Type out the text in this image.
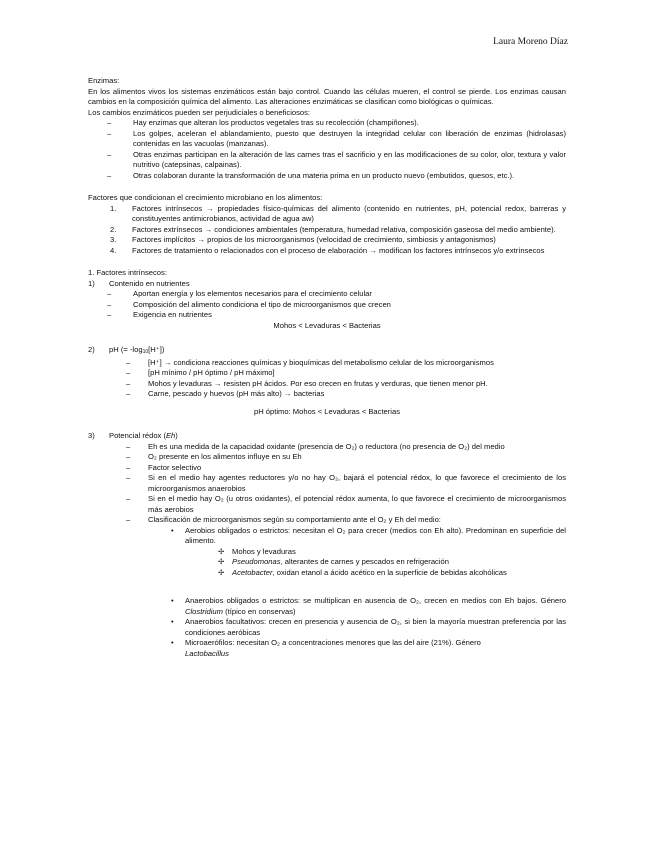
Laura Moreno Díaz

Enzimas:

En los alimentos vivos los sistemas enzimáticos están bajo control. Cuando las células mueren, el control se pierde. Los enzimas causan cambios en la composición química del alimento. Las alteraciones enzimáticas se clasifican como biológicas o químicas.

Los cambios enzimáticos pueden ser perjudiciales o beneficiosos:

–	Hay enzimas que alteran los productos vegetales tras su recolección (champiñones).
–	Los golpes, aceleran el ablandamiento, puesto que destruyen la integridad celular con liberación de enzimas (hidrolasas) contenidas en las vacuolas (manzanas).
–	Otras enzimas participan en la alteración de las carnes tras el sacrificio y en las modificaciones de su color, olor, textura y valor nutritivo (catepsinas, calpainas).
–	Otras colaboran durante la transformación de una materia prima en un producto nuevo (embutidos, quesos, etc.).

Factores que condicionan el crecimiento microbiano en los alimentos:

1.	Factores intrínsecos → propiedades físico-químicas del alimento (contenido en nutrientes, pH, potencial redox, barreras y constituyentes antimicrobianos, actividad de agua aw)
2.	Factores extrínsecos → condiciones ambientales (temperatura, humedad relativa, composición gaseosa del medio ambiente).
3.	Factores implícitos → propios de los microorganismos (velocidad de crecimiento, simbiosis y antagonismos)
4.	Factores de tratamiento o relacionados con el proceso de elaboración → modifican los factores intrínsecos y/o extrínsecos

1. Factores intrínsecos:

1)	Contenido en nutrientes
–	Aportan energía y los elementos necesarios para el crecimiento celular
–	Composición del alimento condiciona el tipo de microorganismos que crecen
–	Exigencia en nutrientes

Mohos < Levaduras < Bacterias

2)	pH (= $-\log_{10}[H^+]$)
–	[H⁺] → condiciona reacciones químicas y bioquímicas del metabolismo celular de los microorganismos
–	[pH mínimo / pH óptimo / pH máximo]
–	Mohos y levaduras → resisten pH ácidos. Por eso crecen en frutas y verduras, que tienen menor pH.
–	Carne, pescado y huevos (pH más alto) → bacterias

pH óptimo: Mohos < Levaduras < Bacterias

3)	Potencial rédox (Eh)
–	Eh es una medida de la capacidad oxidante (presencia de O₂) o reductora (no presencia de O₂) del medio
–	O₂ presente en los alimentos influye en su Eh
–	Factor selectivo
–	Si en el medio hay agentes reductores y/o no hay O₂, bajará el potencial rédox, lo que favorece el crecimiento de los microorganismos anaerobios
–	Si en el medio hay O₂ (u otros oxidantes), el potencial rédox aumenta, lo que favorece el crecimiento de microorganismos más aerobios
–	Clasificación de microorganismos según su comportamiento ante el O₂ y Eh del medio:
•	Aerobios obligados o estrictos: necesitan el O₂ para crecer (medios con Eh alto). Predominan en superficie del alimento.
✢	Mohos y levaduras
✢	Pseudomonas, alterantes de carnes y pescados en refrigeración
✢	Acetobacter, oxidan etanol a ácido acético en la superficie de bebidas alcohólicas
•	Anaerobios obligados o estrictos: se multiplican en ausencia de O₂, crecen en medios con Eh bajos. Género Clostridium (típico en conservas)
•	Anaerobios facultativos: crecen en presencia y ausencia de O₂, si bien la mayoría muestran preferencia por las condiciones aeróbicas
•	Microaerófilos: necesitan O₂ a concentraciones menores que las del aire (21%). Género
Lactobacillus
